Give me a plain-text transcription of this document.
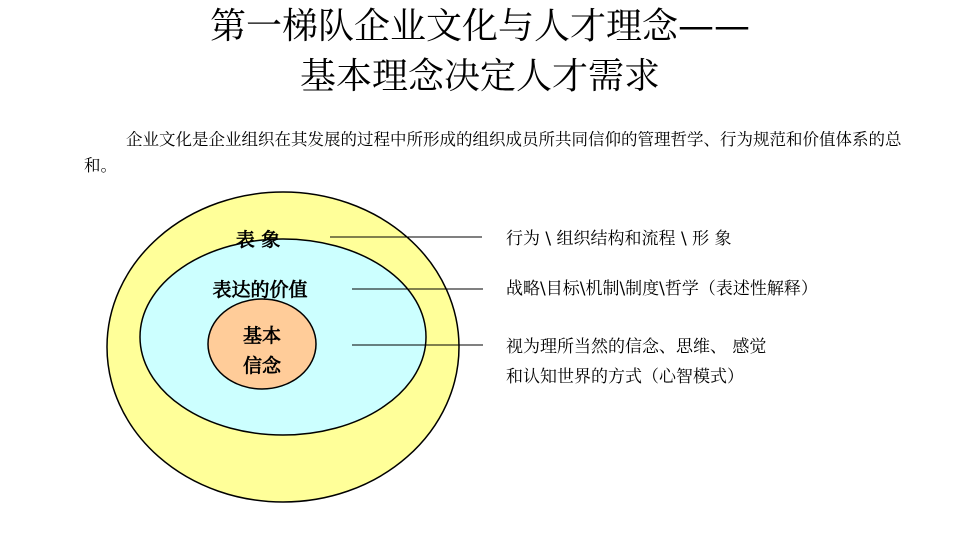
第一梯队企业文化与人才理念——
基本理念决定人才需求
企业文化是企业组织在其发展的过程中所形成的组织成员所共同信仰的管理哲学、行为规范和价值体系的总和。
表 象
表达的价值
基本
信念
行为 \ 组织结构和流程 \ 形 象
战略\目标\机制\制度\哲学（表述性解释）
视为理所当然的信念、思维、 感觉
和认知世界的方式（心智模式）
